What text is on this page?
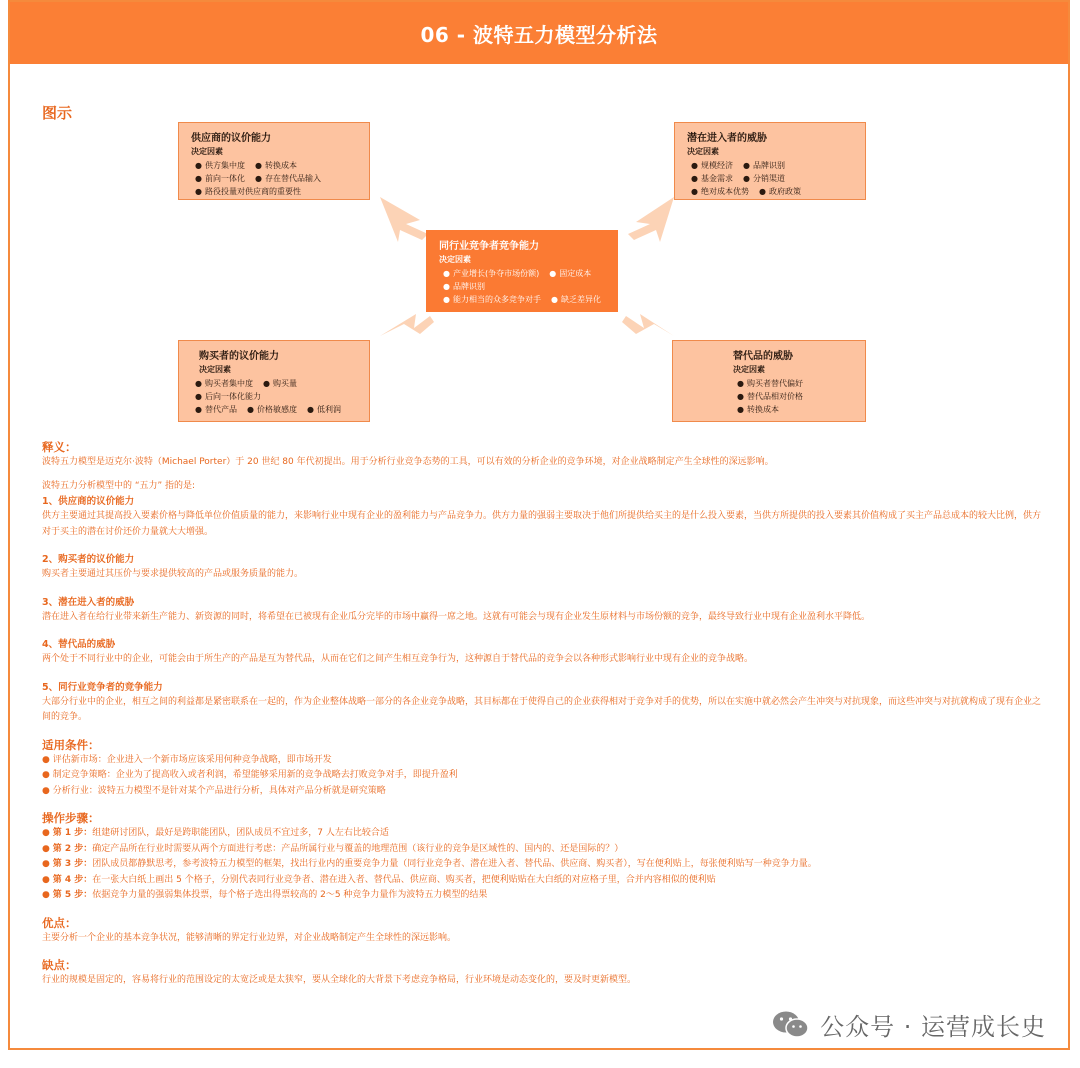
06 - 波特五力模型分析法
图示
供应商的议价能力
决定因素
● 供方集中度 ● 转换成本
● 前向一体化 ● 存在替代品输入
● 路役投量对供应商的重要性
潜在进入者的威胁
决定因素
● 规模经济 ● 品牌识别
● 基金需求 ● 分销渠道
● 绝对成本优势 ● 政府政策
同行业竞争者竞争能力
决定因素
● 产业增长(争夺市场份额) ● 固定成本
● 品牌识别
● 能力相当的众多竞争对手 ● 缺乏差异化
购买者的议价能力
决定因素
● 购买者集中度 ● 购买量
● 后向一体化能力
● 替代产品 ● 价格敏感度 ● 低利润
替代品的威胁
决定因素
● 购买者替代偏好
● 替代品相对价格
● 转换成本
释义：
波特五力模型是迈克尔·波特（Michael Porter）于 20 世纪 80 年代初提出。用于分析行业竞争态势的工具，可以有效的分析企业的竞争环境，对企业战略制定产生全球性的深远影响。
波特五力分析模型中的 “五力” 指的是:
1、供应商的议价能力
供方主要通过其提高投入要素价格与降低单位价值质量的能力，来影响行业中现有企业的盈利能力与产品竞争力。供方力量的强弱主要取决于他们所提供给买主的是什么投入要素，当供方所提供的投入要素其价值构成了买主产品总成本的较大比例，供方对于买主的潜在讨价还价力量就大大增强。
2、购买者的议价能力
购买者主要通过其压价与要求提供较高的产品或服务质量的能力。
3、潜在进入者的威胁
潜在进入者在给行业带来新生产能力、新资源的同时，将希望在已被现有企业瓜分完毕的市场中赢得一席之地。这就有可能会与现有企业发生原材料与市场份额的竞争，最终导致行业中现有企业盈利水平降低。
4、替代品的威胁
两个处于不同行业中的企业，可能会由于所生产的产品是互为替代品，从而在它们之间产生相互竞争行为，这种源自于替代品的竞争会以各种形式影响行业中现有企业的竞争战略。
5、同行业竞争者的竞争能力
大部分行业中的企业，相互之间的利益都是紧密联系在一起的，作为企业整体战略一部分的各企业竞争战略，其目标都在于使得自己的企业获得相对于竞争对手的优势，所以在实施中就必然会产生冲突与对抗现象，而这些冲突与对抗就构成了现有企业之间的竞争。
适用条件：
● 评估新市场：企业进入一个新市场应该采用何种竞争战略，即市场开发
● 制定竞争策略：企业为了提高收入或者利润，希望能够采用新的竞争战略去打败竞争对手，即提升盈利
● 分析行业：波特五力模型不是针对某个产品进行分析，具体对产品分析就是研究策略
操作步骤：
● 第 1 步：组建研讨团队，最好是跨职能团队，团队成员不宜过多，7 人左右比较合适
● 第 2 步：确定产品所在行业时需要从两个方面进行考虑：产品所属行业与覆盖的地理范围（该行业的竞争是区域性的、国内的、还是国际的？）
● 第 3 步：团队成员都静默思考，参考波特五力模型的框架，找出行业内的重要竞争力量（同行业竞争者、潜在进入者、替代品、供应商、购买者），写在便利贴上，每张便利贴写一种竞争力量。
● 第 4 步：在一张大白纸上画出 5 个格子，分别代表同行业竞争者、潜在进入者、替代品、供应商、购买者，把便利贴贴在大白纸的对应格子里，合并内容相似的便利贴
● 第 5 步：依据竞争力量的强弱集体投票，每个格子选出得票较高的 2～5 种竞争力量作为波特五力模型的结果
优点：
主要分析一个企业的基本竞争状况，能够清晰的界定行业边界，对企业战略制定产生全球性的深远影响。
缺点：
行业的规模是固定的，容易将行业的范围设定的太宽泛或是太狭窄，要从全球化的大背景下考虑竞争格局，行业环境是动态变化的，要及时更新模型。
公众号 · 运营成长史
